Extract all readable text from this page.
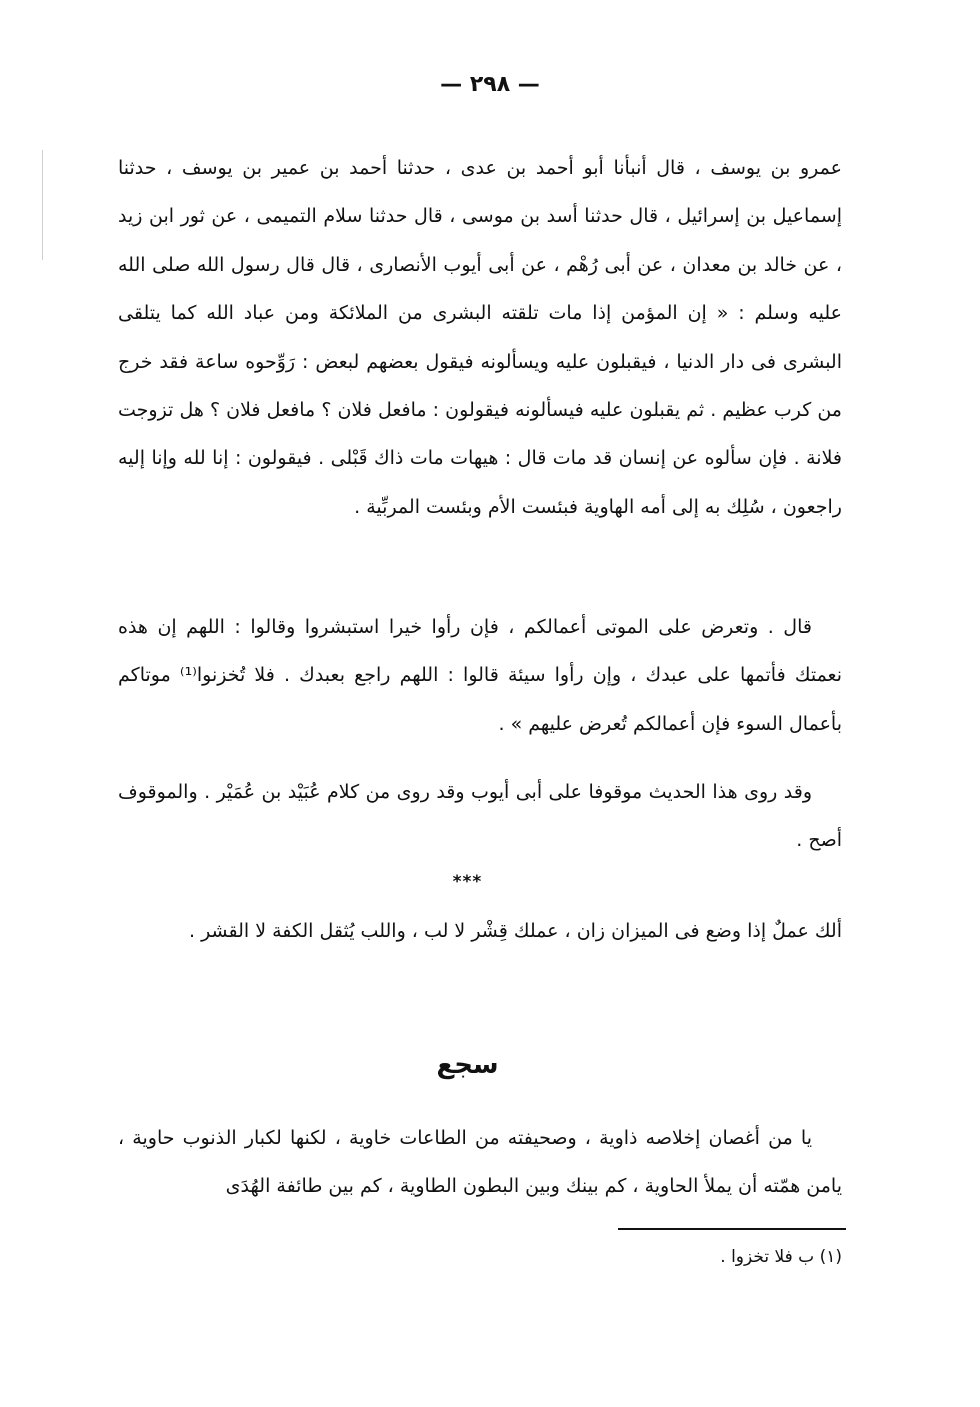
— ٢٩٨ —

عمرو بن يوسف ، قال أنبأنا أبو أحمد بن عدى ، حدثنا أحمد بن عمير بن يوسف ، حدثنا إسماعيل بن إسرائيل ، قال حدثنا أسد بن موسى ، قال حدثنا سلام التميمى ، عن ثور ابن زيد ، عن خالد بن معدان ، عن أبى رُهْم ، عن أبى أيوب الأنصارى ، قال قال رسول الله صلى الله عليه وسلم : « إن المؤمن إذا مات تلقته البشرى من الملائكة ومن عباد الله كما يتلقى البشرى فى دار الدنيا ، فيقبلون عليه ويسألونه فيقول بعضهم لبعض : رَوِّحوه ساعة فقد خرج من كرب عظيم . ثم يقبلون عليه فيسألونه فيقولون : مافعل فلان ؟ مافعل فلان ؟ هل تزوجت فلانة . فإن سألوه عن إنسان قد مات قال : هيهات مات ذاك قَبْلى . فيقولون : إنا لله وإنا إليه راجعون ، سُلِك به إلى أمه الهاوية فبئست الأم وبئست المربِّية .

قال . وتعرض على الموتى أعمالكم ، فإن رأوا خيرا استبشروا وقالوا : اللهم إن هذه نعمتك فأتمها على عبدك ، وإن رأوا سيئة قالوا : اللهم راجع بعبدك . فلا تُخزنوا⁽¹⁾ موتاكم بأعمال السوء فإن أعمالكم تُعرض عليهم » .

وقد روى هذا الحديث موقوفا على أبى أيوب وقد روى من كلام عُبَيْد بن عُمَيْر . والموقوف أصح .

***

ألك عملٌ إذا وضع فى الميزان زان ، عملك قِشْر لا لب ، واللب يُثقل الكفة لا القشر .

سجع

يا من أغصان إخلاصه ذاوية ، وصحيفته من الطاعات خاوية ، لكنها لكبار الذنوب حاوية ، يامن همّته أن يملأ الحاوية ، كم بينك وبين البطون الطاوية ، كم بين طائفة الهُدَى

(١) ب فلا تخزوا .
